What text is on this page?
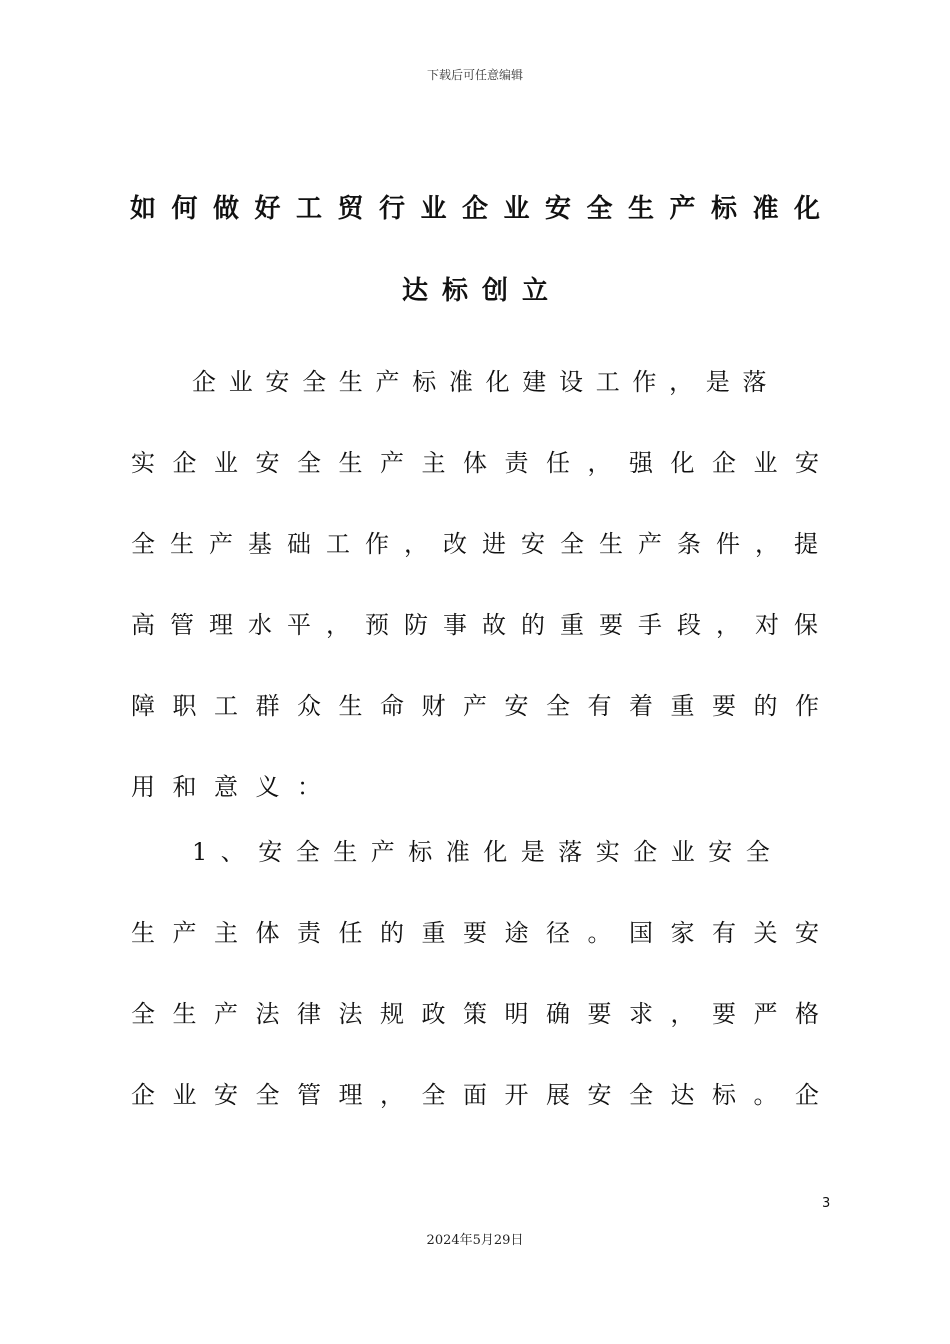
下载后可任意编辑
如何做好工贸行业企业安全生产标准化
达标创立
企业安全生产标准化建设工作，是落
实企业安全生产主体责任，强化企业安
全生产基础工作，改进安全生产条件，提
高管理水平，预防事故的重要手段，对保
障职工群众生命财产安全有着重要的作
用和意义：
1、安全生产标准化是落实企业安全
生产主体责任的重要途径。国家有关安
全生产法律法规政策明确要求，要严格
企业安全管理，全面开展安全达标。企
3
2024年5月29日
